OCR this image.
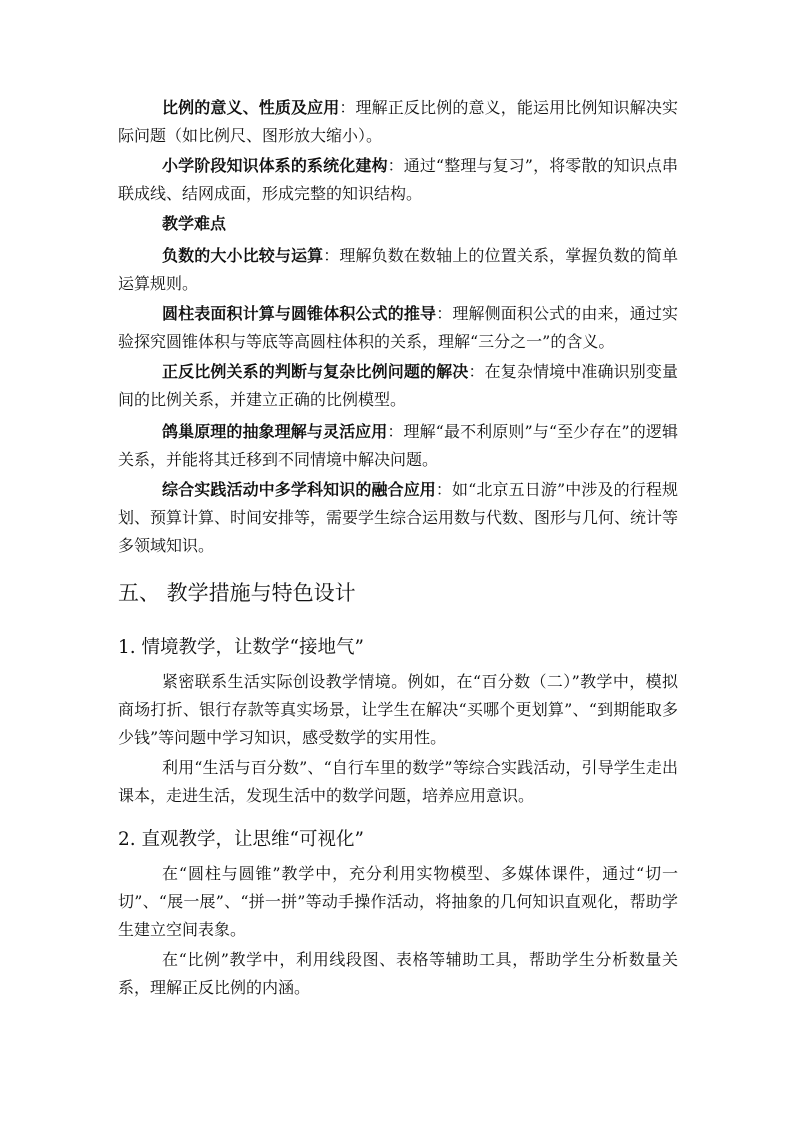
比例的意义、性质及应用：理解正反比例的意义，能运用比例知识解决实际问题（如比例尺、图形放大缩小）。

小学阶段知识体系的系统化建构：通过“整理与复习”，将零散的知识点串联成线、结网成面，形成完整的知识结构。

教学难点

负数的大小比较与运算：理解负数在数轴上的位置关系，掌握负数的简单运算规则。

圆柱表面积计算与圆锥体积公式的推导：理解侧面积公式的由来，通过实验探究圆锥体积与等底等高圆柱体积的关系，理解“三分之一”的含义。

正反比例关系的判断与复杂比例问题的解决：在复杂情境中准确识别变量间的比例关系，并建立正确的比例模型。

鸽巢原理的抽象理解与灵活应用：理解“最不利原则”与“至少存在”的逻辑关系，并能将其迁移到不同情境中解决问题。

综合实践活动中多学科知识的融合应用：如“北京五日游”中涉及的行程规划、预算计算、时间安排等，需要学生综合运用数与代数、图形与几何、统计等多领域知识。

五、 教学措施与特色设计
1. 情境教学，让数学“接地气”

紧密联系生活实际创设教学情境。例如，在“百分数（二）”教学中，模拟商场打折、银行存款等真实场景，让学生在解决“买哪个更划算”、“到期能取多少钱”等问题中学习知识，感受数学的实用性。

利用“生活与百分数”、“自行车里的数学”等综合实践活动，引导学生走出课本，走进生活，发现生活中的数学问题，培养应用意识。

2. 直观教学，让思维“可视化”

在“圆柱与圆锥”教学中，充分利用实物模型、多媒体课件，通过“切一切”、“展一展”、“拼一拼”等动手操作活动，将抽象的几何知识直观化，帮助学生建立空间表象。

在“比例”教学中，利用线段图、表格等辅助工具，帮助学生分析数量关系，理解正反比例的内涵。
